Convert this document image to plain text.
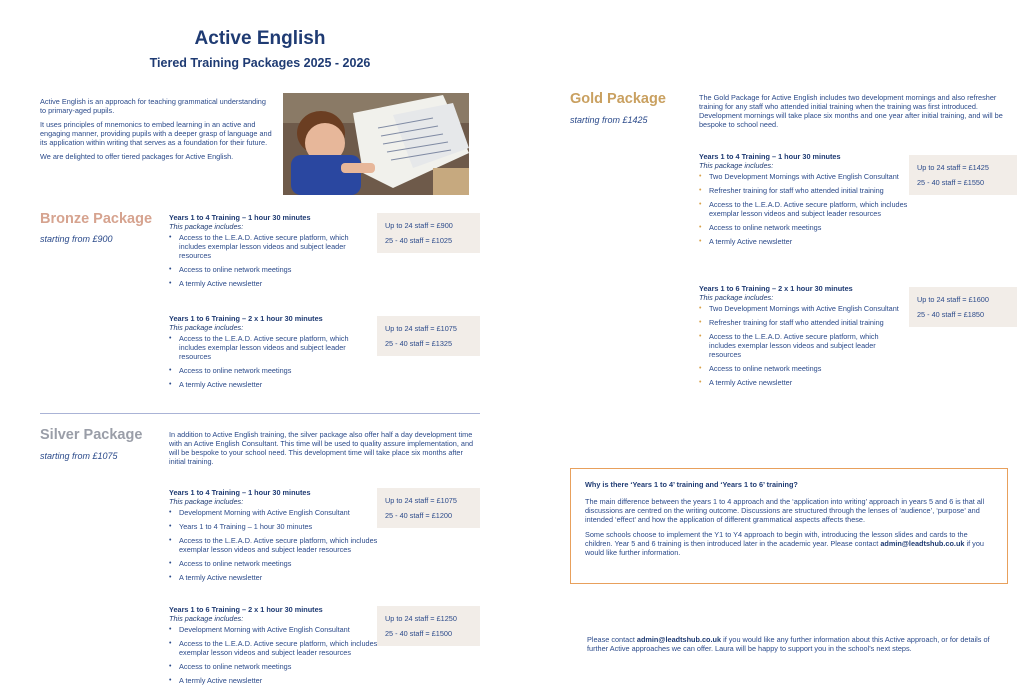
Active English
Tiered Training Packages 2025 - 2026

Active English is an approach for teaching grammatical understanding to primary-aged pupils.

It uses principles of mnemonics to embed learning in an active and engaging manner, providing pupils with a deeper grasp of language and its application within writing that serves as a foundation for their future.

We are delighted to offer tiered packages for Active English.

Bronze Package
starting from £900
Years 1 to 4 Training – 1 hour 30 minutes
This package includes:
• Access to the L.E.A.D. Active secure platform, which includes exemplar lesson videos and subject leader resources
• Access to online network meetings
• A termly Active newsletter
Up to 24 staff = £900
25 - 40 staff = £1025
Years 1 to 6 Training – 2 x 1 hour 30 minutes
This package includes:
• Access to the L.E.A.D. Active secure platform, which includes exemplar lesson videos and subject leader resources
• Access to online network meetings
• A termly Active newsletter
Up to 24 staff = £1075
25 - 40 staff = £1325
Silver Package
starting from £1075
In addition to Active English training, the silver package also offer half a day development time with an Active English Consultant. This time will be used to quality assure implementation, and will be bespoke to your school need. This development time will take place six months after initial training.
Years 1 to 4 Training – 1 hour 30 minutes
This package includes:
• Development Morning with Active English Consultant
• Years 1 to 4 Training – 1 hour 30 minutes
• Access to the L.E.A.D. Active secure platform, which includes exemplar lesson videos and subject leader resources
• Access to online network meetings
• A termly Active newsletter
Up to 24 staff = £1075
25 - 40 staff = £1200
Years 1 to 6 Training – 2 x 1 hour 30 minutes
This package includes:
• Development Morning with Active English Consultant
• Access to the L.E.A.D. Active secure platform, which includes exemplar lesson videos and subject leader resources
• Access to online network meetings
• A termly Active newsletter
Up to 24 staff = £1250
25 - 40 staff = £1500
Gold Package
starting from £1425
The Gold Package for Active English includes two development mornings and also refresher training for any staff who attended initial training when the training was first introduced. Development mornings will take place six months and one year after initial training, and will be bespoke to school need.
Years 1 to 4 Training – 1 hour 30 minutes
This package includes:
• Two Development Mornings with Active English Consultant
• Refresher training for staff who attended initial training
• Access to the L.E.A.D. Active secure platform, which includes exemplar lesson videos and subject leader resources
• Access to online network meetings
• A termly Active newsletter
Up to 24 staff = £1425
25 - 40 staff = £1550
Years 1 to 6 Training – 2 x 1 hour 30 minutes
This package includes:
• Two Development Mornings with Active English Consultant
• Refresher training for staff who attended initial training
• Access to the L.E.A.D. Active secure platform, which includes exemplar lesson videos and subject leader resources
• Access to online network meetings
• A termly Active newsletter
Up to 24 staff = £1600
25 - 40 staff = £1850
Why is there ‘Years 1 to 4’ training and ‘Years 1 to 6’ training?

The main difference between the years 1 to 4 approach and the ‘application into writing’ approach in years 5 and 6 is that all discussions are centred on the writing outcome. Discussions are structured through the lenses of ‘audience’, ‘purpose’ and intended ‘effect’ and how the application of different grammatical aspects affects these.

Some schools choose to implement the Y1 to Y4 approach to begin with, introducing the lesson slides and cards to the children. Year 5 and 6 training is then introduced later in the academic year. Please contact admin@leadtshub.co.uk if you would like further information.

Please contact admin@leadtshub.co.uk if you would like any further information about this Active approach, or for details of further Active approaches we can offer. Laura will be happy to support you in the school’s next steps.
